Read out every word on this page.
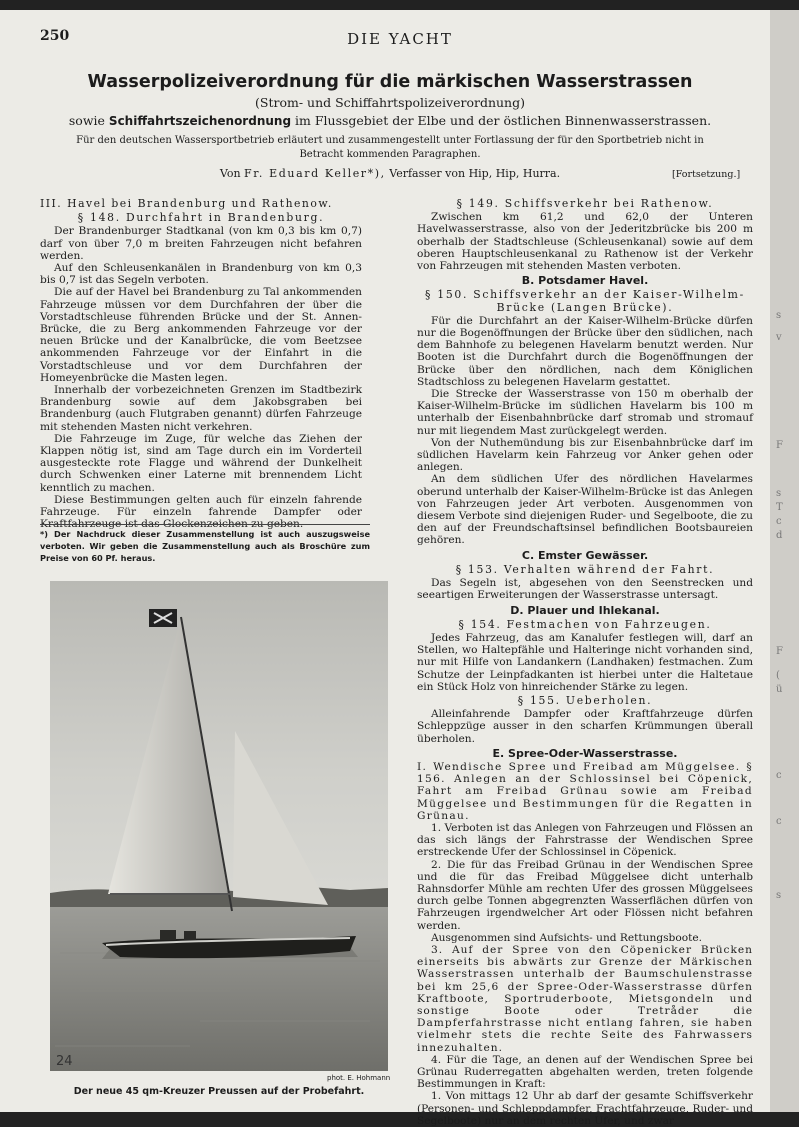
250	DIE YACHT
Wasserpolizeiverordnung für die märkischen Wasserstrassen
(Strom- und Schiffahrtspolizeiverordnung)
sowie Schiffahrtszeichenordnung im Flussgebiet der Elbe und der östlichen Binnenwasserstrassen.
Für den deutschen Wassersportbetrieb erläutert und zusammengestellt unter Fortlassung der für den Sportbetrieb nicht in Betracht kommenden Paragraphen.
Von Fr. Eduard Keller*), Verfasser von Hip, Hip, Hurra.	[Fortsetzung.]
III. Havel bei Brandenburg und Rathenow.
§ 148. Durchfahrt in Brandenburg.

Der Brandenburger Stadtkanal (von km 0,3 bis km 0,7) darf von über 7,0 m breiten Fahrzeugen nicht befahren werden.

Auf den Schleusenkanälen in Brandenburg von km 0,3 bis 0,7 ist das Segeln verboten.

Die auf der Havel bei Brandenburg zu Tal ankommenden Fahrzeuge müssen vor dem Durchfahren der über die Vorstadtschleuse führenden Brücke und der St. Annen-Brücke, die zu Berg ankommenden Fahrzeuge vor der neuen Brücke und der Kanalbrücke, die vom Beetzsee ankommenden Fahrzeuge vor der Einfahrt in die Vorstadtschleuse und vor dem Durchfahren der Homeyenbrücke die Masten legen.

Innerhalb der vorbezeichneten Grenzen im Stadtbezirk Brandenburg sowie auf dem Jakobsgraben bei Brandenburg (auch Flutgraben genannt) dürfen Fahrzeuge mit stehenden Masten nicht verkehren.

Die Fahrzeuge im Zuge, für welche das Ziehen der Klappen nötig ist, sind am Tage durch ein im Vorderteil ausgesteckte rote Flagge und während der Dunkelheit durch Schwenken einer Laterne mit brennendem Licht kenntlich zu machen.

Diese Bestimmungen gelten auch für einzeln fahrende Fahrzeuge. Für einzeln fahrende Dampfer oder Kraftfahrzeuge ist das Glockenzeichen zu geben.

*) Der Nachdruck dieser Zusammenstellung ist auch auszugsweise verboten. Wir geben die Zusammenstellung auch als Broschüre zum Preise von 60 Pf. heraus.
24
phot. E. Hohmann
Der neue 45 qm-Kreuzer Preussen auf der Probefahrt.
§ 149. Schiffsverkehr bei Rathenow.

Zwischen km 61,2 und 62,0 der Unteren Havelwasserstrasse, also von der Jederitzbrücke bis 200 m oberhalb der Stadtschleuse (Schleusenkanal) sowie auf dem oberen Hauptschleusenkanal zu Rathenow ist der Verkehr von Fahrzeugen mit stehenden Masten verboten.

B. Potsdamer Havel.
§ 150. Schiffsverkehr an der Kaiser-Wilhelm-Brücke (Langen Brücke).

Für die Durchfahrt an der Kaiser-Wilhelm-Brücke dürfen nur die Bogenöffnungen der Brücke über den südlichen, nach dem Bahnhofe zu belegenen Havelarm benutzt werden. Nur Booten ist die Durchfahrt durch die Bogenöffnungen der Brücke über den nördlichen, nach dem Königlichen Stadtschloss zu belegenen Havelarm gestattet.

Die Strecke der Wasserstrasse von 150 m oberhalb der Kaiser-Wilhelm-Brücke im südlichen Havelarm bis 100 m unterhalb der Eisenbahnbrücke darf stromab und stromauf nur mit liegendem Mast zurückgelegt werden.

Von der Nuthemündung bis zur Eisenbahnbrücke darf im südlichen Havelarm kein Fahrzeug vor Anker gehen oder anlegen.

An dem südlichen Ufer des nördlichen Havelarmes oberund unterhalb der Kaiser-Wilhelm-Brücke ist das Anlegen von Fahrzeugen jeder Art verboten. Ausgenommen von diesem Verbote sind diejenigen Ruder- und Segelboote, die zu den auf der Freundschaftsinsel befindlichen Bootsbaureien gehören.

C. Emster Gewässer.
§ 153. Verhalten während der Fahrt.

Das Segeln ist, abgesehen von den Seenstrecken und seeartigen Erweiterungen der Wasserstrasse untersagt.

D. Plauer und Ihlekanal.
§ 154. Festmachen von Fahrzeugen.

Jedes Fahrzeug, das am Kanalufer festlegen will, darf an Stellen, wo Haltepfähle und Halteringe nicht vorhanden sind, nur mit Hilfe von Landankern (Landhaken) festmachen. Zum Schutze der Leinpfadkanten ist hierbei unter die Haltetaue ein Stück Holz von hinreichender Stärke zu legen.

§ 155. Ueberholen.

Alleinfahrende Dampfer oder Kraftfahrzeuge dürfen Schleppzüge ausser in den scharfen Krümmungen überall überholen.

E. Spree-Oder-Wasserstrasse.

I. Wendische Spree und Freibad am Müggelsee. § 156. Anlegen an der Schlossinsel bei Cöpenick, Fahrt am Freibad Grünau sowie am Freibad Müggelsee und Bestimmungen für die Regatten in Grünau.

1. Verboten ist das Anlegen von Fahrzeugen und Flössen an das sich längs der Fahrstrasse der Wendischen Spree erstreckende Ufer der Schlossinsel in Cöpenick.

2. Die für das Freibad Grünau in der Wendischen Spree und die für das Freibad Müggelsee dicht unterhalb Rahnsdorfer Mühle am rechten Ufer des grossen Müggelsees durch gelbe Tonnen abgegrenzten Wasserflächen dürfen von Fahrzeugen irgendwelcher Art oder Flössen nicht befahren werden.

Ausgenommen sind Aufsichts- und Rettungsboote.

3. Auf der Spree von den Cöpenicker Brücken einerseits bis abwärts zur Grenze der Märkischen Wasserstrassen unterhalb der Baumschulenstrasse bei km 25,6 der Spree-Oder-Wasserstrasse dürfen Kraftboote, Sportruderboote, Mietsgondeln und sonstige Boote oder Tretråder die Dampferfahrstrasse nicht entlang fahren, sie haben vielmehr stets die rechte Seite des Fahrwassers innezuhalten.

4. Für die Tage, an denen auf der Wendischen Spree bei Grünau Ruderregatten abgehalten werden, treten folgende Bestimmungen in Kraft:

1. Von mittags 12 Uhr ab darf der gesamte Schiffsverkehr (Personen- und Schleppdampfer, Frachtfahrzeuge, Ruder- und Segelboote) nur an dem rechten Ufer, und zwar

s
v
F
s
T
c
d
F
(
ü
c
c
s
